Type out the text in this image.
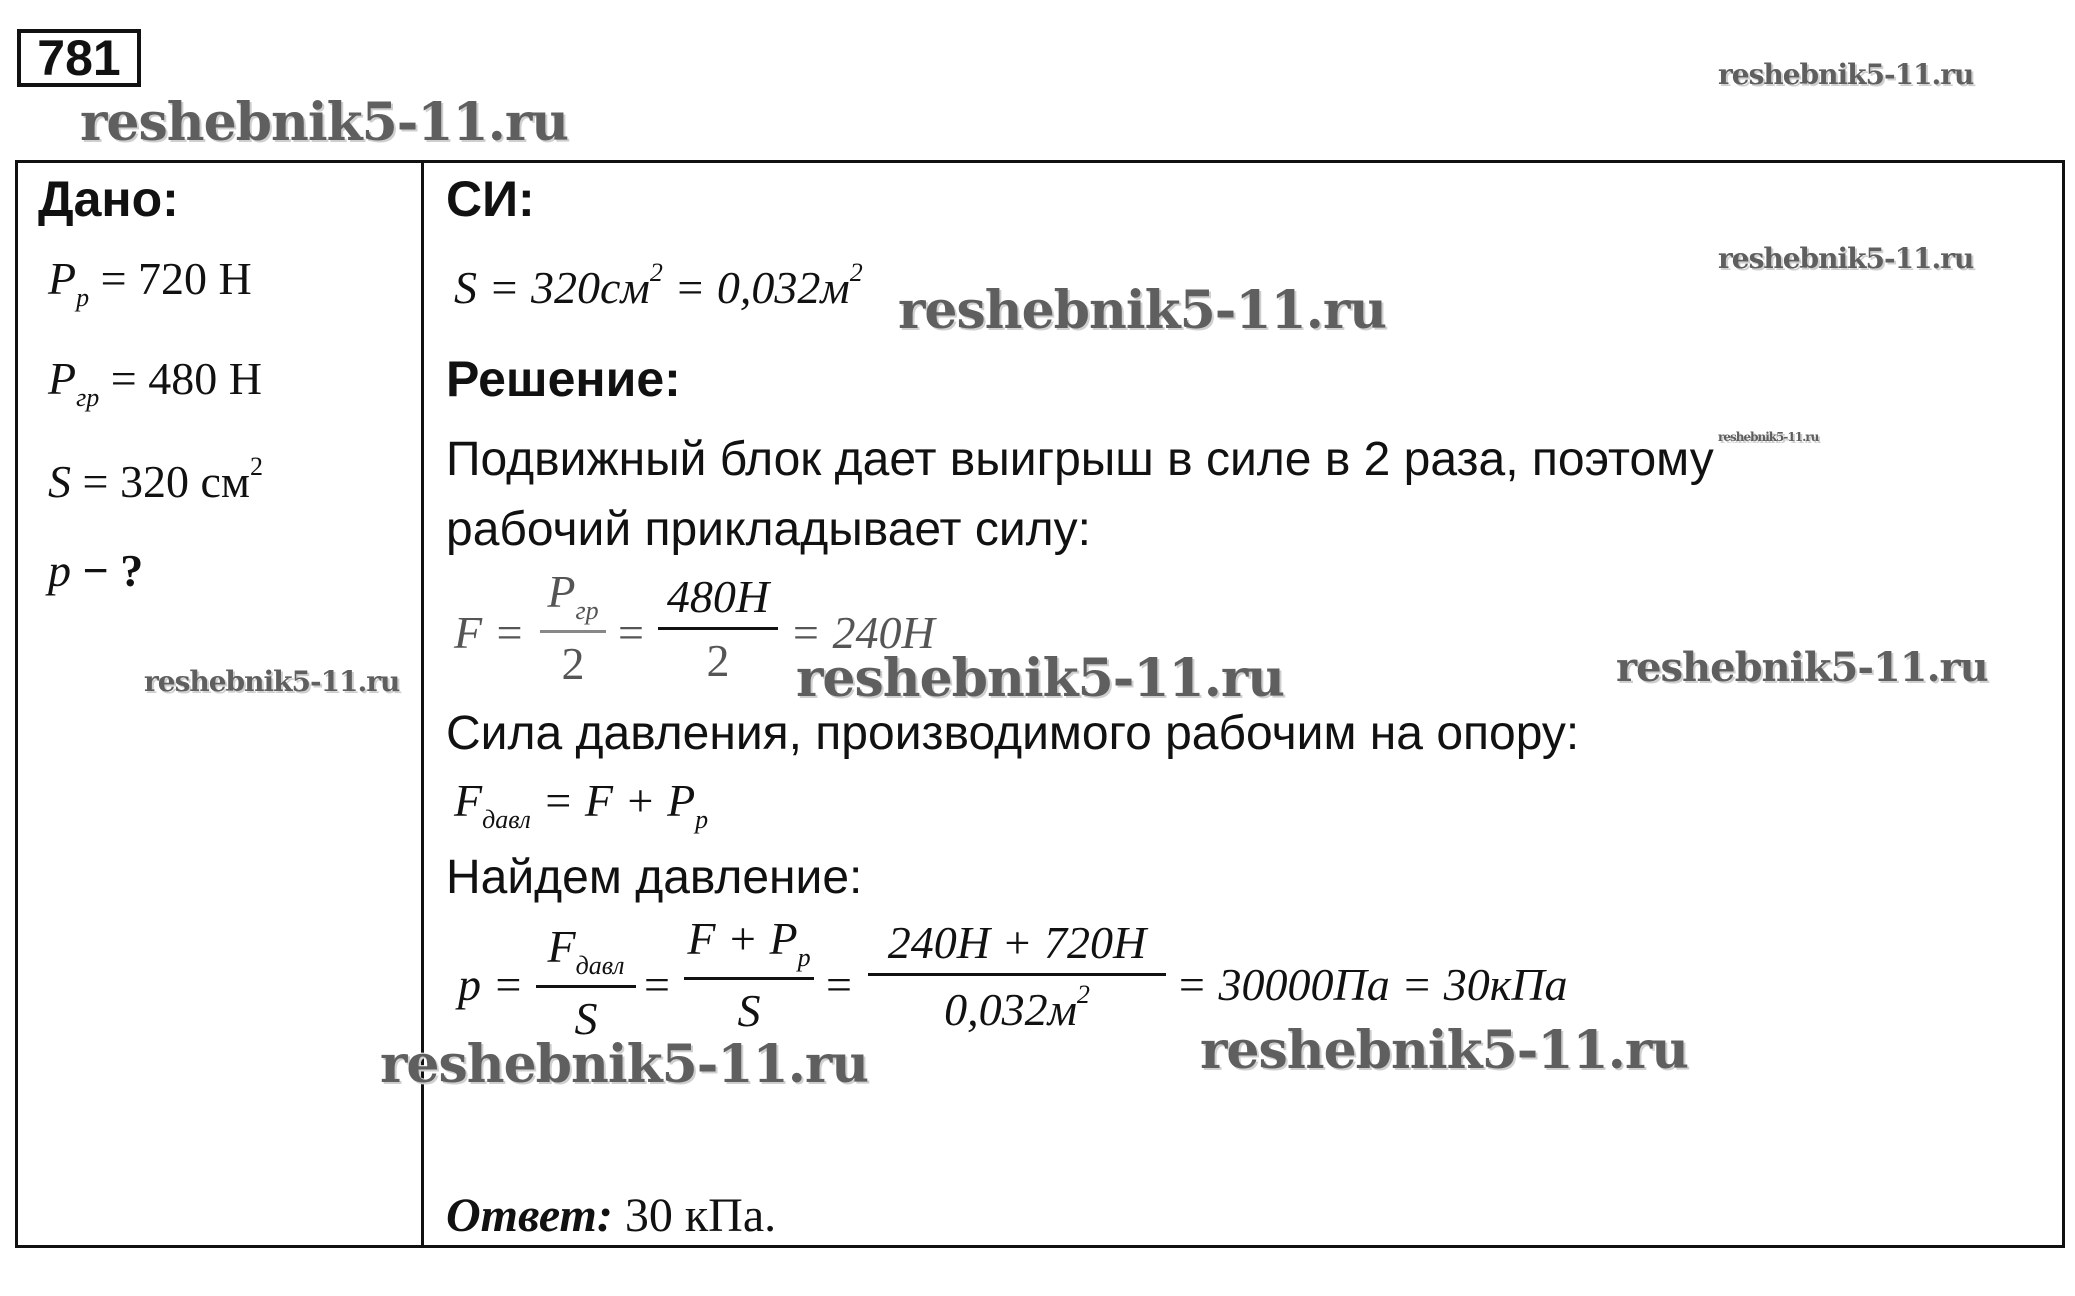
781
reshebnik5-11.ru
reshebnik5-11.ru
reshebnik5-11.ru
reshebnik5-11.ru
Дано:
$P_р = 720$ Н
$P_{гр} = 480$ Н
S = 320 $см^2$
p − ?
reshebnik5-11.ru
СИ:
$S = 320см^2 = 0,032м^2$
reshebnik5-11.ru
Решение:
Подвижный блок дает выигрыш в силе в 2 раза, поэтому
рабочий прикладывает силу:
F =
$P_{гр}$
2
=
480H
2
= 240H
reshebnik5-11.ru	reshebnik5-11.ru
Сила давления, производимого рабочим на опору:
$F_{давл} = F + P_р$
Найдем давление:
p =
$F_{давл}$
S
=
$F + P_р$
S
=
240H + 720H
$0,032м^2$	= 30000Па = 30кПа
reshebnik5-11.ru
reshebnik5-11.ru
Ответ: 30 кПа.
